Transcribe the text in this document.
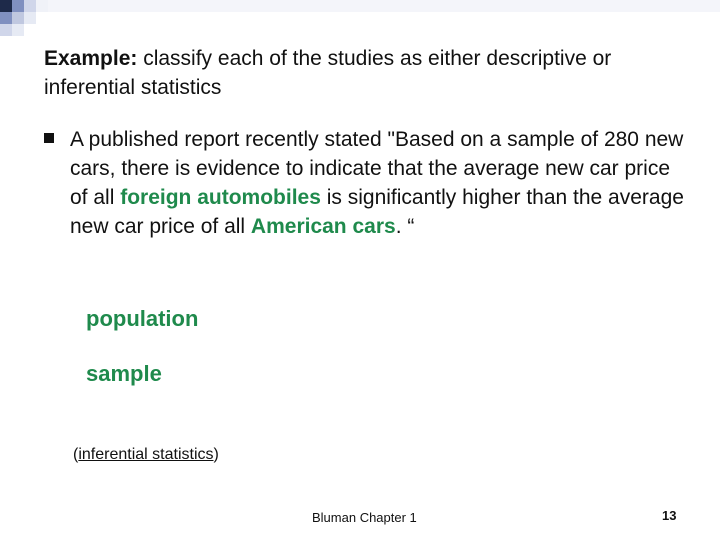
Example: classify each of the studies as either descriptive or inferential statistics

A published report recently stated "Based on a sample of 280 new cars, there is evidence to indicate that the average new car price of all foreign automobiles is significantly higher than the average new car price of all American cars. “

population
sample
(inferential statistics)
Bluman Chapter 1	13
